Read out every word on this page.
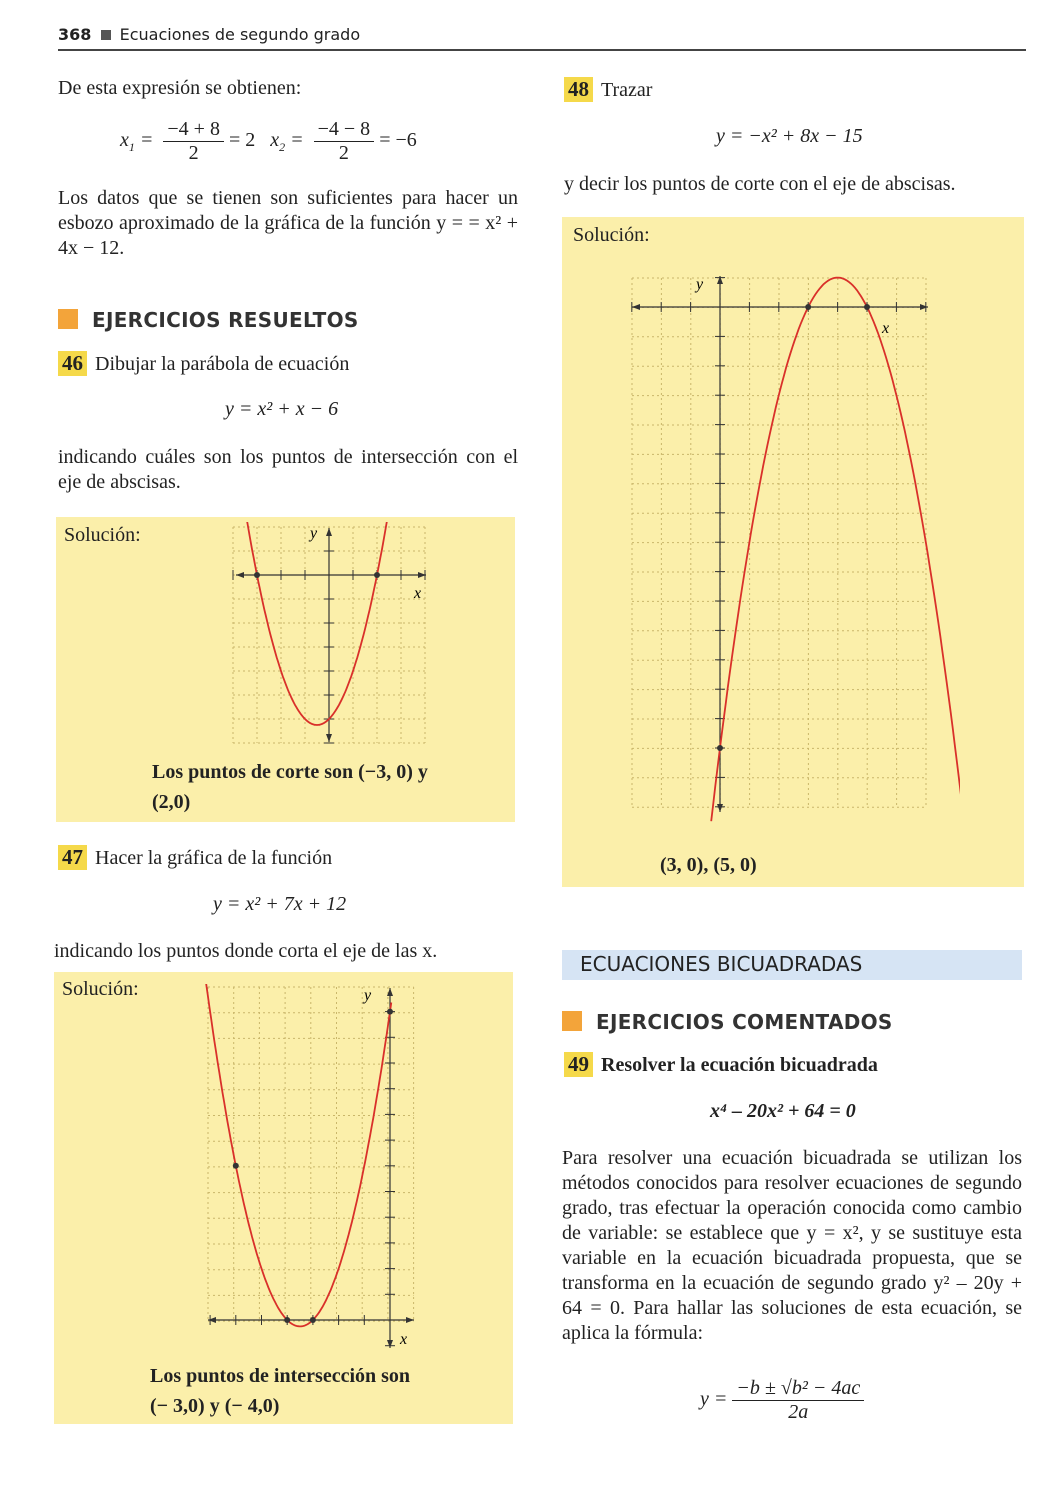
368 Ecuaciones de segundo grado
De esta expresión se obtienen:
$x_1 = \frac{-4 + 8}{2} = 2$ $x_2 = \frac{-4 - 8}{2} = -6$
Los datos que se tienen son suficientes para hacer un esbozo aproximado de la gráfica de la función y = = x² + 4x − 12.
EJERCICIOS RESUELTOS
46 Dibujar la parábola de ecuación
y = x² + x − 6
indicando cuáles son los puntos de intersección con el eje de abscisas.
Solución:	y
x
Los puntos de corte son (−3, 0) y
(2,0)
47 Hacer la gráfica de la función
y = x² + 7x + 12
indicando los puntos donde corta el eje de las x.
Solución:	y
x
Los puntos de intersección son
(− 3,0) y (− 4,0)
48 Trazar
y = −x² + 8x − 15
y decir los puntos de corte con el eje de abscisas.
Solución:
y
x
(3, 0), (5, 0)
ECUACIONES BICUADRADAS
EJERCICIOS COMENTADOS
49 Resolver la ecuación bicuadrada
x⁴ – 20x² + 64 = 0
Para resolver una ecuación bicuadrada se utilizan los métodos conocidos para resolver ecuaciones de segundo grado, tras efectuar la operación conocida como cambio de variable: se establece que y = x², y se sustituye esta variable en la ecuación bicuadrada propuesta, que se transforma en la ecuación de segundo grado y² – 20y + 64 = 0. Para hallar las soluciones de esta ecuación, se aplica la fórmula:
$y = \frac{\text{−b ± √b² − 4ac}}{2a}$
